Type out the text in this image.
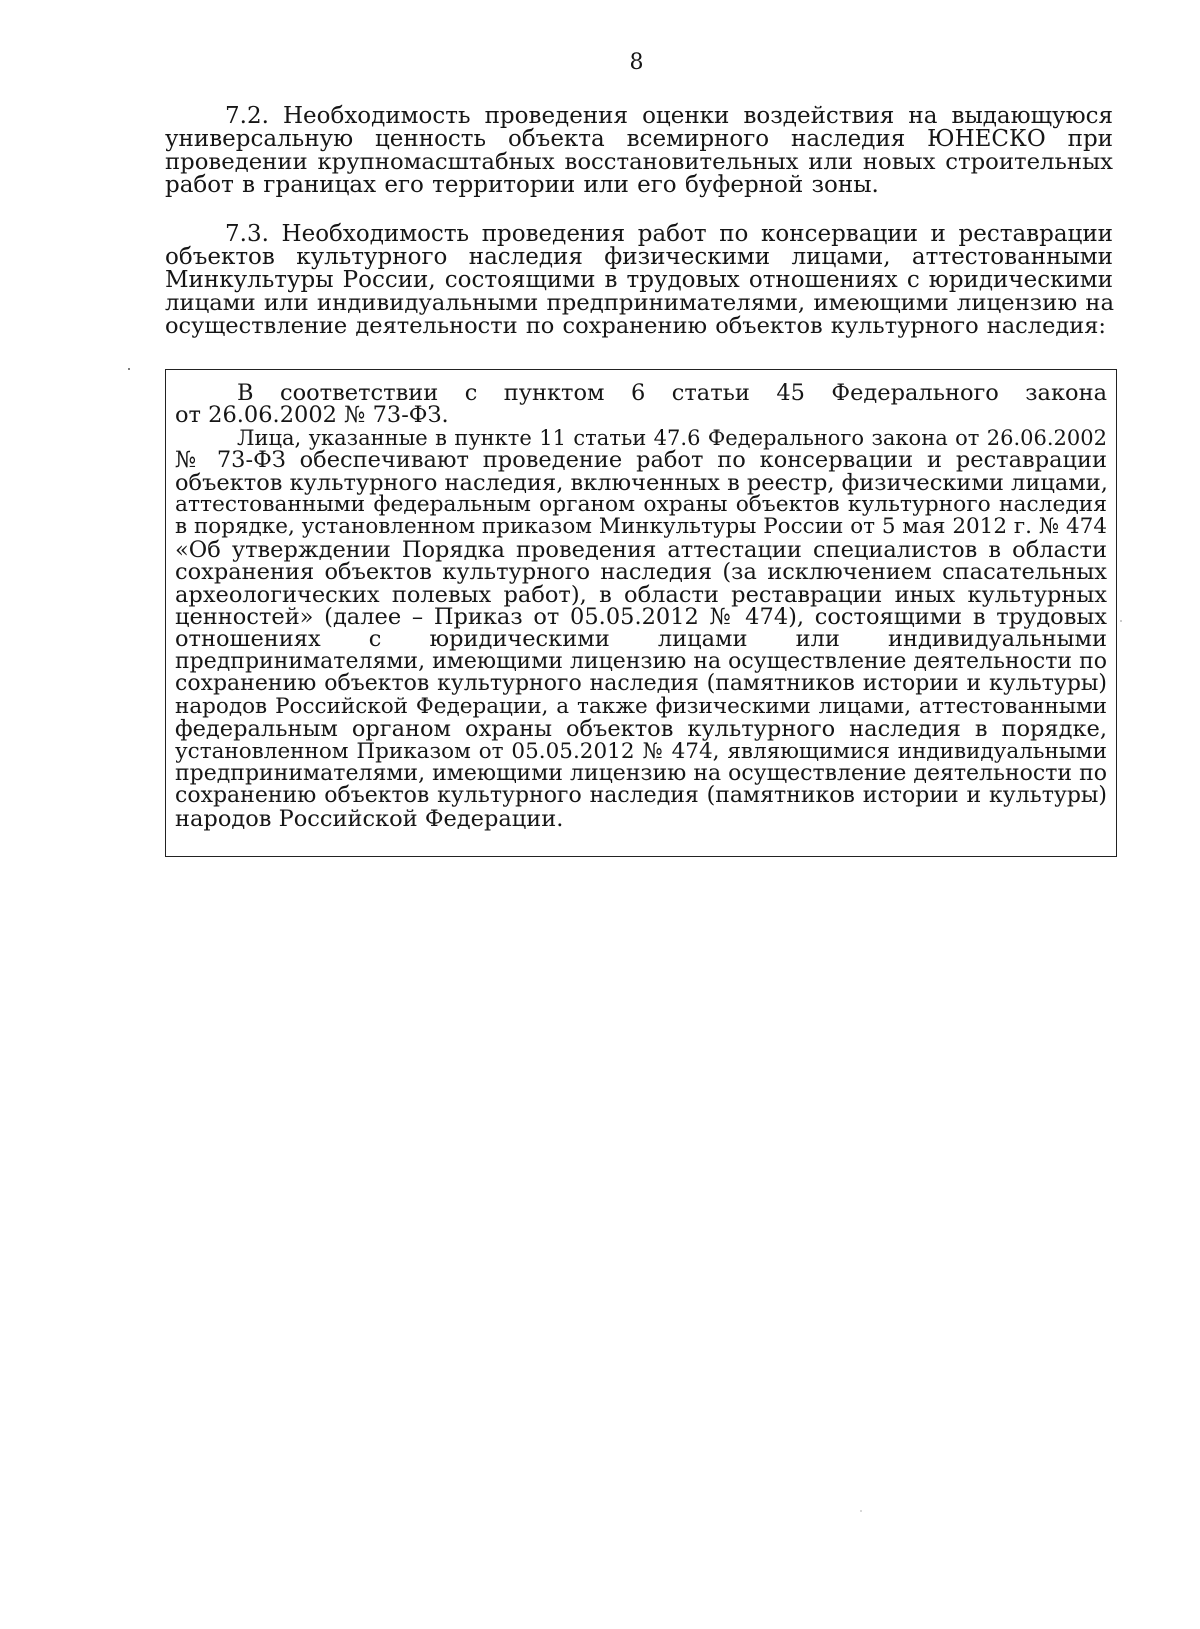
8
7.2. Необходимость проведения оценки воздействия на выдающуюся
универсальную ценность объекта всемирного наследия ЮНЕСКО при
проведении крупномасштабных восстановительных или новых строительных
работ в границах его территории или его буферной зоны.
7.3. Необходимость проведения работ по консервации и реставрации
объектов культурного наследия физическими лицами, аттестованными
Минкультуры России, состоящими в трудовых отношениях с юридическими
лицами или индивидуальными предпринимателями, имеющими лицензию на
осуществление деятельности по сохранению объектов культурного наследия:
В соответствии с пунктом 6 статьи 45 Федерального закона
от 26.06.2002 № 73-ФЗ.
Лица, указанные в пункте 11 статьи 47.6 Федерального закона от 26.06.2002
№ 73-ФЗ обеспечивают проведение работ по консервации и реставрации
объектов культурного наследия, включенных в реестр, физическими лицами,
аттестованными федеральным органом охраны объектов культурного наследия
в порядке, установленном приказом Минкультуры России от 5 мая 2012 г. № 474
«Об утверждении Порядка проведения аттестации специалистов в области
сохранения объектов культурного наследия (за исключением спасательных
археологических полевых работ), в области реставрации иных культурных
ценностей» (далее – Приказ от 05.05.2012 № 474), состоящими в трудовых
отношениях с юридическими лицами или индивидуальными
предпринимателями, имеющими лицензию на осуществление деятельности по
сохранению объектов культурного наследия (памятников истории и культуры)
народов Российской Федерации, а также физическими лицами, аттестованными
федеральным органом охраны объектов культурного наследия в порядке,
установленном Приказом от 05.05.2012 № 474, являющимися индивидуальными
предпринимателями, имеющими лицензию на осуществление деятельности по
сохранению объектов культурного наследия (памятников истории и культуры)
народов Российской Федерации.
